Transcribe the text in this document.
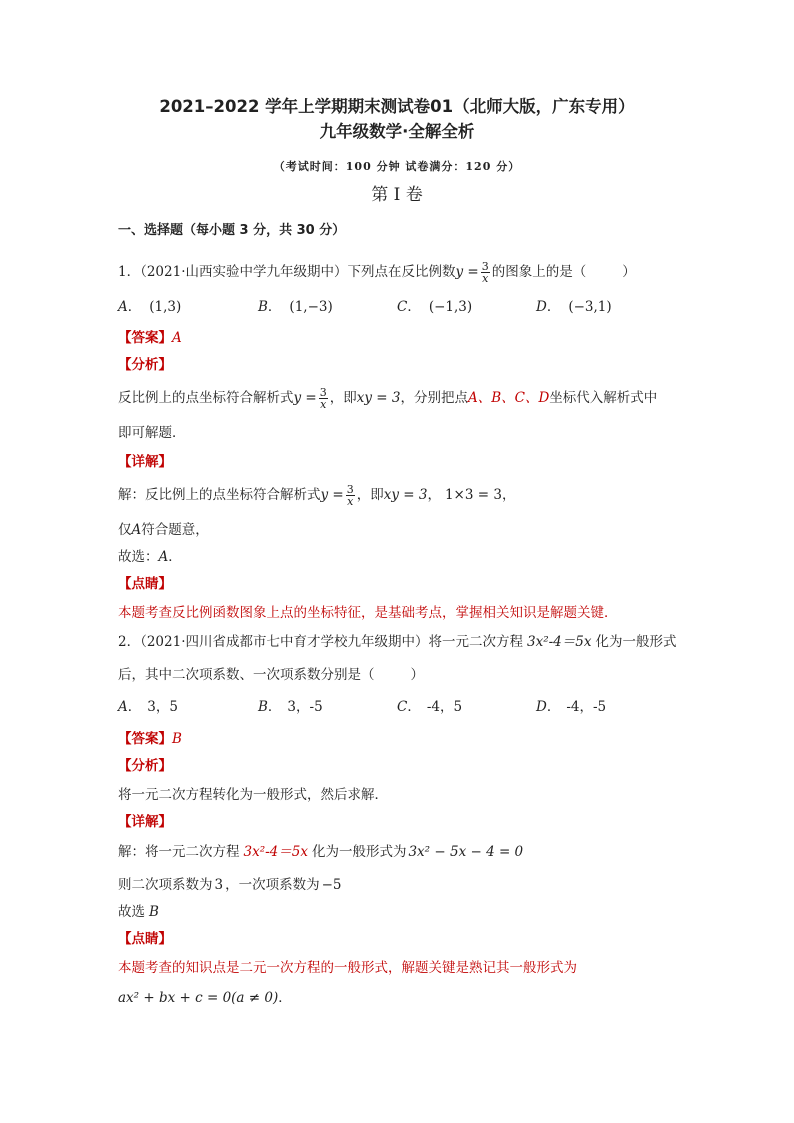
2021–2022 学年上学期期末测试卷01（北师大版，广东专用）
九年级数学·全解全析
（考试时间：100 分钟 试卷满分：120 分）
第 I 卷
一、选择题（每小题 3 分，共 30 分）
1．（2021·山西实验中学九年级期中）下列点在反比例数$y = \frac{3}{x}$ 的图象上的是（	）
A． (1,3)	B． (1,−3)	C． (−1,3)	D． (−3,1)
【答案】A
【分析】
反比例上的点坐标符合解析式$y = \frac{3}{x}$ ，即xy = 3，分别把点A、B、C、D坐标代入解析式中
即可解题．
【详解】
解：反比例上的点坐标符合解析式$y = \frac{3}{x}$ ，即xy = 3， 1×3 = 3，
仅A符合题意，
故选：A．
【点睛】
本题考查反比例函数图象上点的坐标特征，是基础考点，掌握相关知识是解题关键．
2．（2021·四川省成都市七中育才学校九年级期中）将一元二次方程 3x²-4＝5x 化为一般形式
后，其中二次项系数、一次项系数分别是（	）
A． 3，5	B． 3，-5	C． -4，5	D． -4，-5
【答案】B
【分析】
将一元二次方程转化为一般形式，然后求解．
【详解】
解：将一元二次方程 3x²-4＝5x 化为一般形式为 3x² − 5x − 4 = 0
则二次项系数为 3 ，一次项系数为 −5
故选 B
【点睛】
本题考查的知识点是二元一次方程的一般形式，解题关键是熟记其一般形式为
ax² + bx + c = 0(a ≠ 0)．
